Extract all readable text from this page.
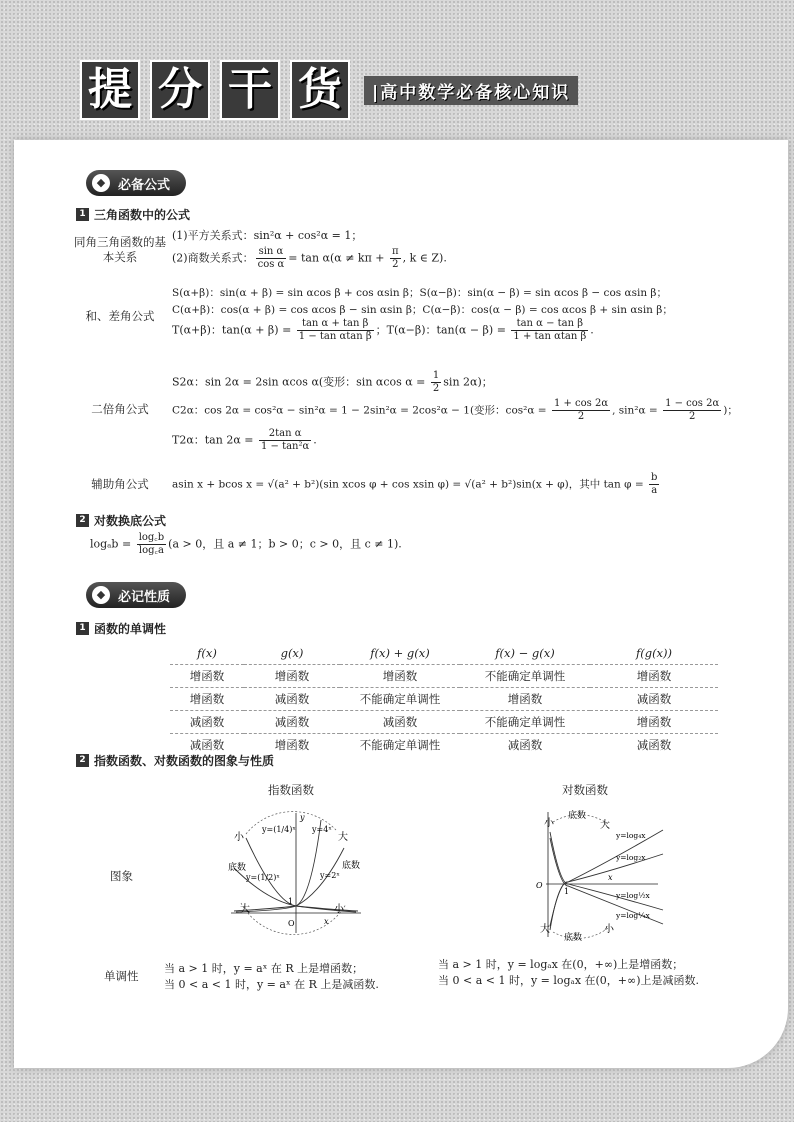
提 分 干 货	|高中数学必备核心知识
◆ 必备公式
1 三角函数中的公式
同角三角函数的基本关系
(1)平方关系式：sin²α + cos²α = 1；
(2)商数关系式： $\frac{\text{sin α}}{\text{cos α}} = \tan \alpha(\alpha \ne k\pi + \frac{\pi}{2}$ , k ∈ Z).
和、差角公式
S(α+β)：sin(α + β) = sin αcos β + cos αsin β；S(α−β)：sin(α − β) = sin αcos β − cos αsin β；
C(α+β)：cos(α + β) = cos αcos β − sin αsin β；C(α−β)：cos(α − β) = cos αcos β + sin αsin β；
T(α+β)：$\tan(\alpha + \beta) = \frac{\text{tan α + tan β}}{\text{1 − tan αtan β}}$ ；T(α−β)：$\tan(\alpha - \beta) = \frac{\text{tan α − tan β}}{\text{1 + tan αtan β}}$ .
二倍角公式
S2α：sin 2α = 2sin αcos α(变形：sin αcos $\alpha = \frac{1}{2}$ sin 2α)；
C2α：cos 2α = cos²α − sin²α = 1 − 2sin²α = 2cos²α − 1(变形：$\cos^2\alpha = \frac{1 + \cos 2\alpha}{2}$ , $\sin^2\alpha = \frac{1 - \cos 2\alpha}{2}$ )；
T2α：$\tan 2\alpha = \frac{\text{2tan α}}{\text{1 − tan²α}}$ .
辅助角公式	asin x + bcos x = √(a² + b²)(sin xcos φ + cos xsin φ) = √(a² + b²)sin(x + φ)，其中 $\tan \varphi = \frac{b}{a}$
2 对数换底公式
$\log_ab = \frac{\log꜀b}{\log꜀a} (a > 0$，且 a ≠ 1；b > 0；c > 0，且 c ≠ 1).
◆ 必记性质
1 函数的单调性
f(x)	g(x)	f(x) + g(x)	f(x) − g(x)	f(g(x))
增函数	增函数	增函数	不能确定单调性	增函数
增函数	减函数	不能确定单调性	增函数	减函数
减函数	减函数	减函数	不能确定单调性	增函数
减函数	增函数	不能确定单调性	减函数	减函数
2 指数函数、对数函数的图象与性质
指数函数	对数函数
图象
单调性
小	大
底数	底数
y=(1/4)ˣ y=4ˣ
y=(1/2)ˣ	y=2ˣ
1
O	x
y
大	小
小
底数
大
y=log₄x
y=log₂x
y=log½x
y=log¼x
O
1
x
大	小
底数
当 a > 1 时，y = aˣ 在 R 上是增函数；
当 0 < a < 1 时，y = aˣ 在 R 上是减函数.
当 a > 1 时，y = logₐx 在(0，+∞)上是增函数；
当 0 < a < 1 时，y = logₐx 在(0，+∞)上是减函数.
